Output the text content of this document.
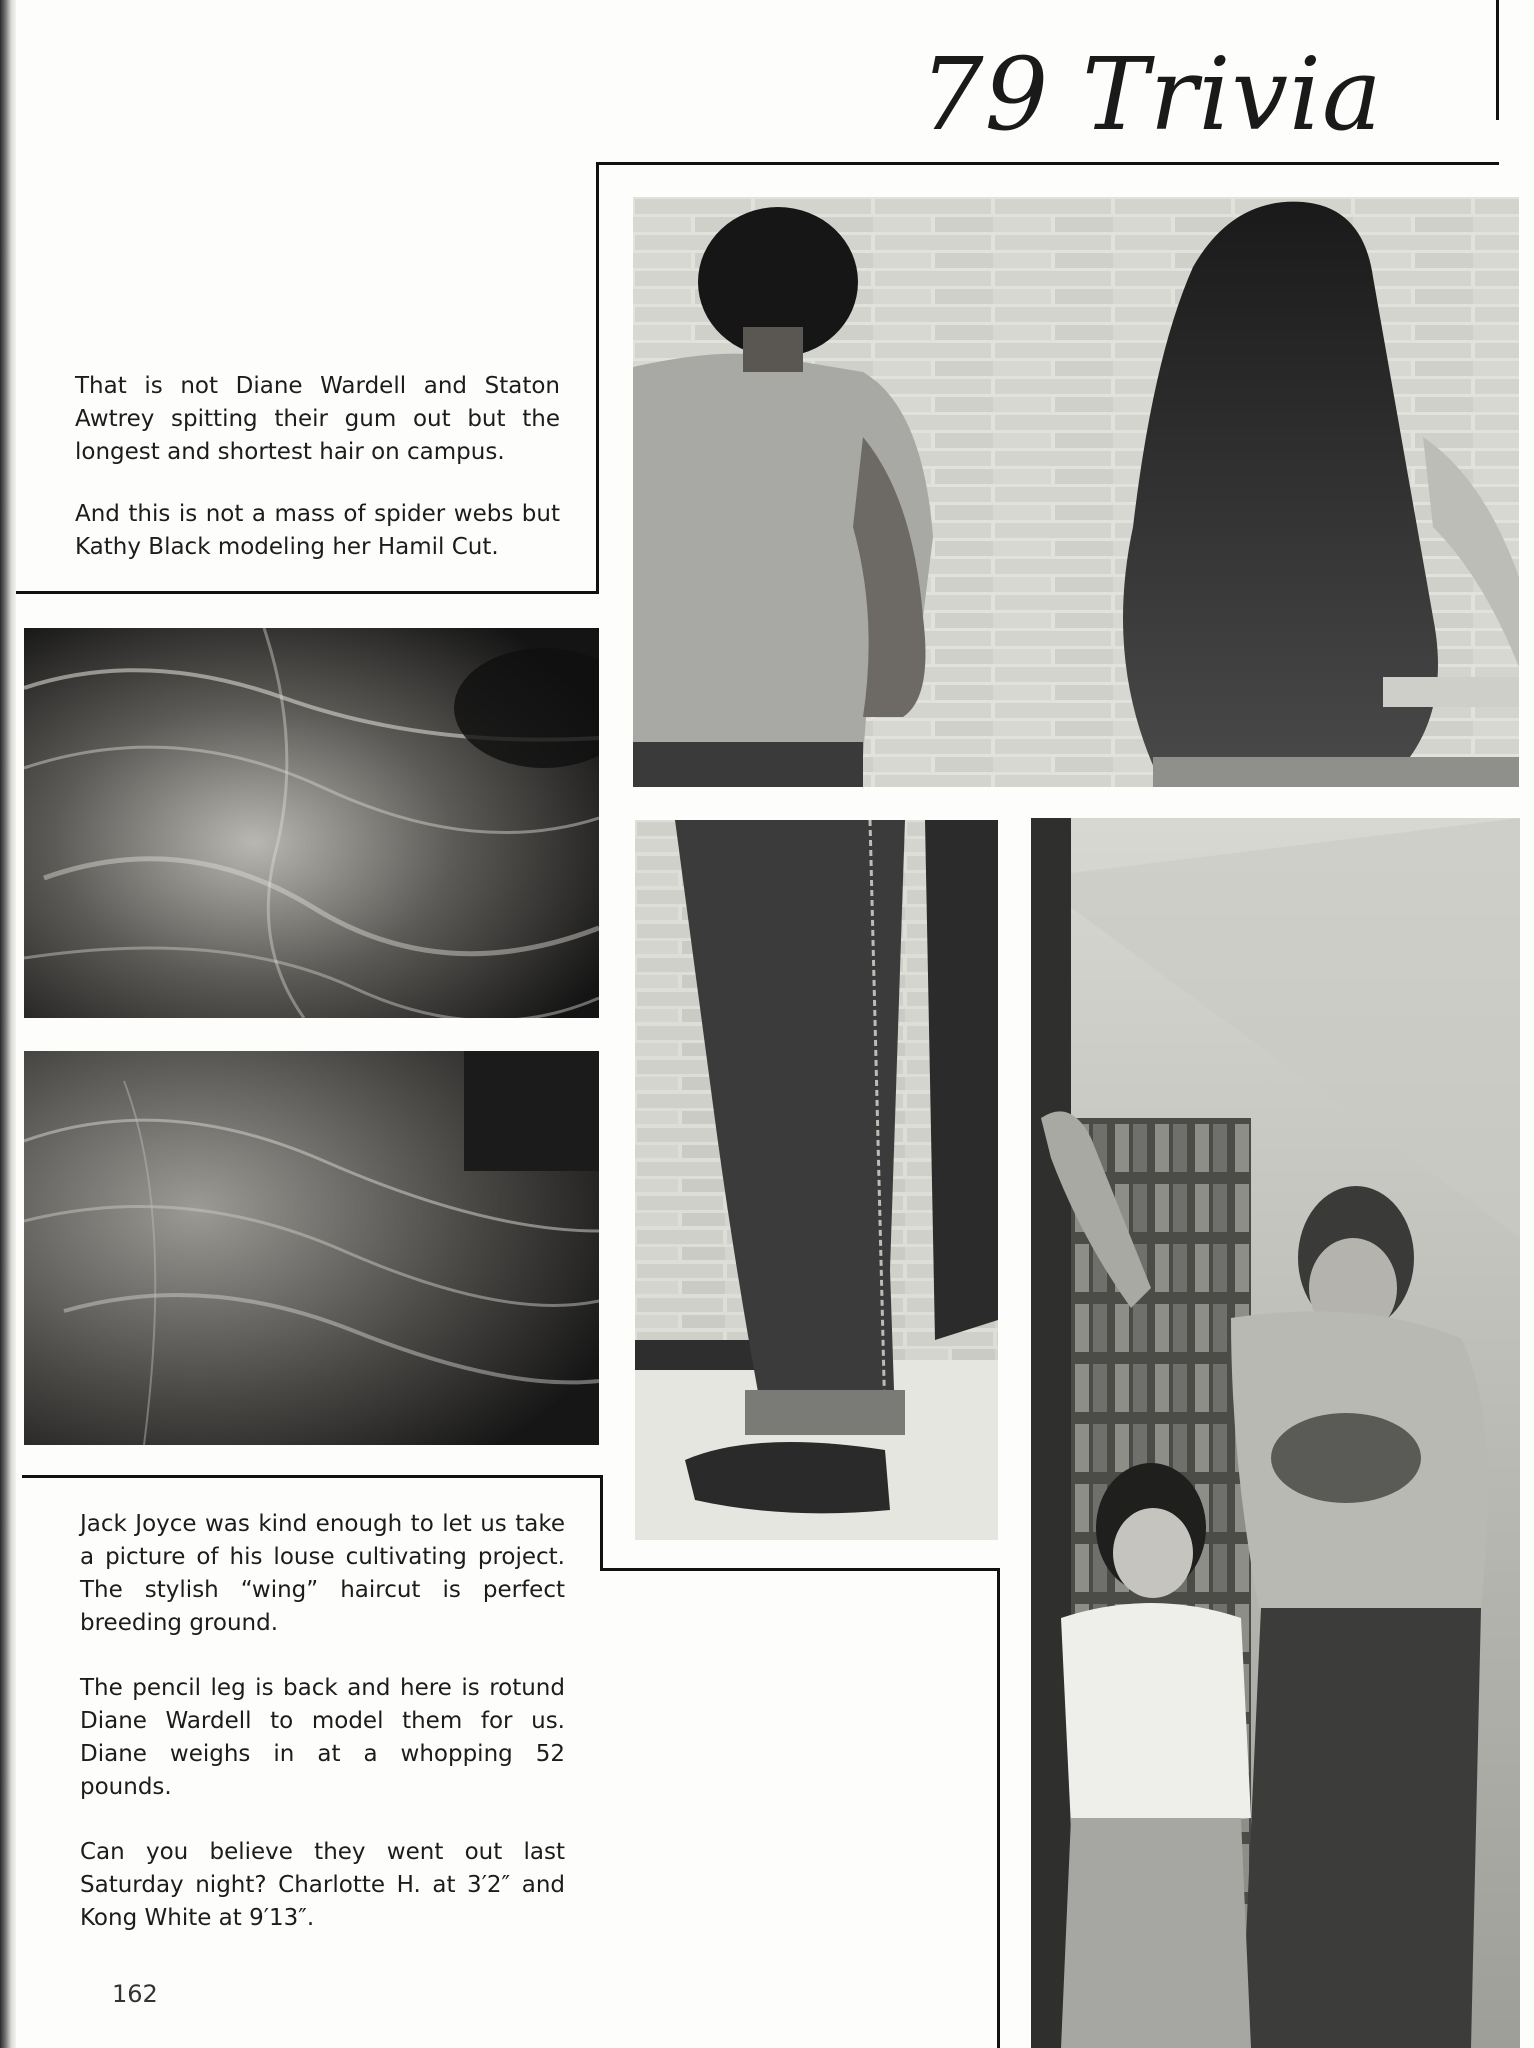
79 Trivia

That is not Diane Wardell and Staton Awtrey spitting their gum out but the longest and shortest hair on campus.

And this is not a mass of spider webs but Kathy Black modeling her Hamil Cut.

Jack Joyce was kind enough to let us take a picture of his louse cultivating project. The stylish “wing” haircut is perfect breeding ground.

The pencil leg is back and here is rotund Diane Wardell to model them for us. Diane weighs in at a whopping 52 pounds.

Can you believe they went out last Saturday night? Charlotte H. at 3′2″ and Kong White at 9′13″.

162
